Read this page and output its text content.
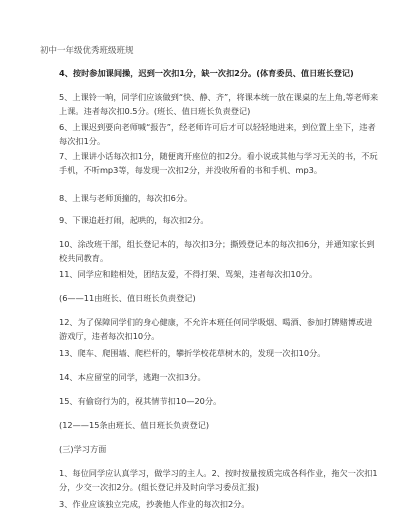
初中一年级优秀班级班规
4、按时参加课间操，迟到一次扣1分，缺一次扣2分。(体育委员、值日班长登记)
5、上课铃一响，同学们应该做到“快、静、齐”，将课本统一放在课桌的左上角,等老师来上课。违者每次扣0.5分。(班长、值日班长负责登记)
6、上课迟到要向老师喊“报告”，经老师许可后才可以轻轻地进来，到位置上坐下，违者每次扣1分。
7、上课讲小话每次扣1分，随便离开座位的扣2分。看小说或其他与学习无关的书，不玩手机，不听mp3等，每发现一次扣2分，并没收所看的书和手机、mp3。
8、上课与老师顶撞的，每次扣6分。
9、下课追赶打闹，起哄的，每次扣2分。
10、涂改班干部，组长登记本的，每次扣3分；撕毁登记本的每次扣6分，并通知家长到校共同教育。
11、同学应和睦相处，团结友爱，不得打架、骂架，违者每次扣10分。
(6——11由班长、值日班长负责登记)
12、为了保障同学们的身心健康，不允许本班任何同学吸烟、喝酒、参加打牌赌博或进游戏厅，违者每次扣10分。
13、爬车、爬围墙、爬栏杆的，攀折学校花草树木的，发现一次扣10分。
14、本应留堂的同学，逃跑一次扣3分。
15、有偷窃行为的，视其情节扣10—20分。
(12——15条由班长、值日班长负责登记)
(三)学习方面
1、每位同学应认真学习，做学习的主人。2、按时按量按质完成各科作业，拖欠一次扣1分，少交一次扣2分。(组长登记并及时向学习委员汇报)
3、作业应该独立完成，抄袭他人作业的每次扣2分。
